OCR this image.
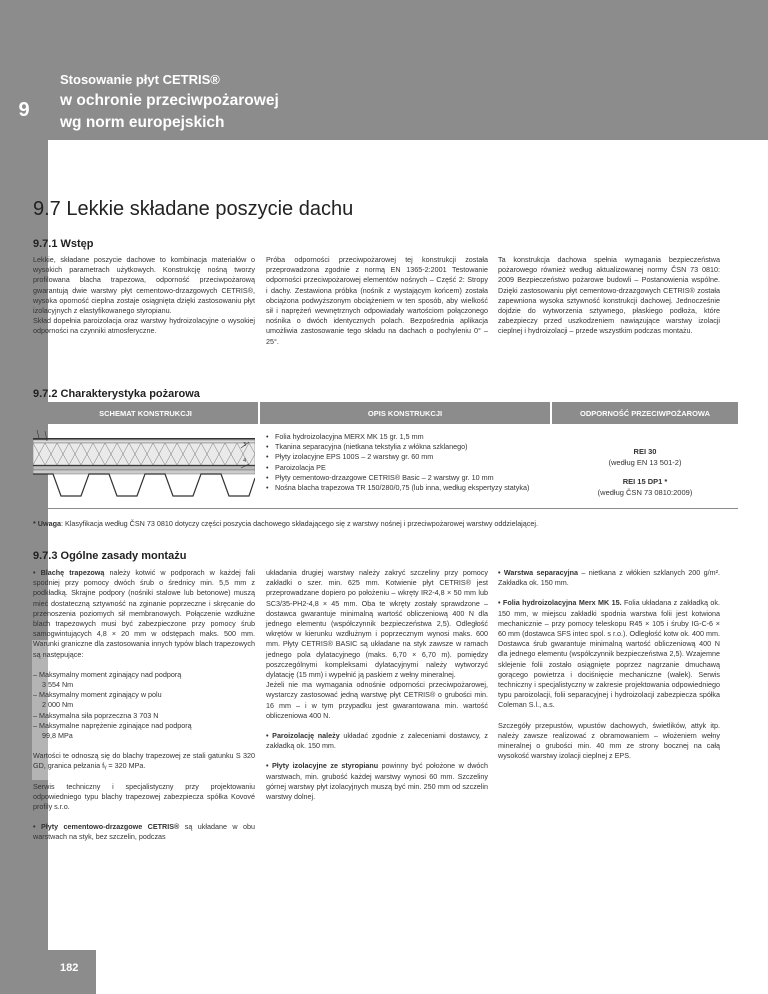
9
182
Stosowanie płyt CETRIS®
w ochronie przeciwpożarowej
wg norm europejskich
9.7 Lekkie składane poszycie dachu
9.7.1 Wstęp

Lekkie, składane poszycie dachowe to kombinacja materiałów o wysokich parametrach użytkowych. Konstrukcję nośną tworzy profilowana blacha trapezowa, odporność przeciwpożarową gwarantują dwie warstwy płyt cementowo-drzazgowych CETRIS®, wysoka oporność cieplna zostaje osiągnięta dzięki zastosowaniu płyt izolacyjnych z elastyfikowanego styropianu.

Skład dopełnia paroizolacja oraz warstwy hydroizolacyjne o wysokiej odporności na czynniki atmosferyczne.

Próba odporności przeciwpożarowej tej konstrukcji została przeprowadzona zgodnie z normą EN 1365-2:2001 Testowanie odporności przeciwpożarowej elementów nośnych – Część 2: Stropy i dachy. Zestawiona próbka (nośnik z wystającym końcem) została obciążona podwyższonym obciążeniem w ten sposób, aby wielkość sił i naprężeń wewnętrznych odpowiadały wartościom połączonego nośnika o dwóch identycznych polach. Bezpośrednia aplikacja umożliwia zastosowanie tego składu na dachach o pochyleniu 0° – 25°.

Ta konstrukcja dachowa spełnia wymagania bezpieczeństwa pożarowego również według aktualizowanej normy ČSN 73 0810: 2009 Bezpieczeństwo pożarowe budowli – Postanowienia wspólne. Dzięki zastosowaniu płyt cementowo-drzazgowych CETRIS® została zapewniona wysoka sztywność konstrukcji dachowej. Jednocześnie dojdzie do wytworzenia sztywnego, płaskiego podłoża, które zabezpieczy przed uszkodzeniem nawiązujące warstwy izolacji cieplnej i hydroizolacji – przede wszystkim podczas montażu.

9.7.2 Charakterystyka pożarowa
SCHEMAT KONSTRUKCJI	OPIS KONSTRUKCJI	ODPORNOŚĆ PRZECIWPOŻAROWA
3
4
• Folia hydroizolacyjna MERX MK 15 gr. 1,5 mm
• Tkanina separacyjna (nietkana tekstylia z włókna szklanego)
• Płyty izolacyjne EPS 100S – 2 warstwy gr. 60 mm
• Paroizolacja PE
• Płyty cementowo-drzazgowe CETRIS® Basic – 2 warstwy gr. 10 mm
• Nośna blacha trapezowa TR 150/280/0,75 (lub inna, według ekspertyzy statyka)
REI 30
(według EN 13 501-2)
REI 15 DP1 *
(według ČSN 73 0810:2009)
* Uwaga: Klasyfikacja według ČSN 73 0810 dotyczy części poszycia dachowego składającego się z warstwy nośnej i przeciwpożarowej warstwy oddzielającej.
9.7.3 Ogólne zasady montażu

• Blachę trapezową należy kotwić w podporach w każdej fali spodniej przy pomocy dwóch śrub o średnicy min. 5,5 mm z podkładką. Skrajne podpory (nośniki stalowe lub betonowe) muszą mieć dostateczną sztywność na zginanie poprzeczne i skręcanie do przenoszenia poziomych sił membranowych. Połączenie wzdłużne blach trapezowych musi być zabezpieczone przy pomocy śrub samogwintujących 4,8 × 20 mm w odstępach maks. 500 mm. Warunki graniczne dla zastosowania innych typów blach trapezowych są następujące:

– Maksymalny moment zginający nad podporą

3 554 Nm

– Maksymalny moment zginający w polu

2 000 Nm

– Maksymalna siła poprzeczna 3 703 N

– Maksymalne naprężenie zginające nad podporą

99,8 MPa

Wartości te odnoszą się do blachy trapezowej ze stali gatunku S 320 GD, granica pełzania fᵧ = 320 MPa.

Serwis techniczny i specjalistyczny przy projektowaniu odpowiedniego typu blachy trapezowej zabezpiecza spółka Kovové profily s.r.o.

• Płyty cementowo-drzazgowe CETRIS® są układane w obu warstwach na styk, bez szczelin, podczas

układania drugiej warstwy należy zakryć szczeliny przy pomocy zakładki o szer. min. 625 mm. Kotwienie płyt CETRIS® jest przeprowadzane dopiero po położeniu – wkręty IR2-4,8 × 50 mm lub SC3/35-PH2-4,8 × 45 mm. Oba te wkręty zostały sprawdzone – dostawca gwarantuje minimalną wartość obliczeniową 400 N dla jednego elementu (współczynnik bezpieczeństwa 2,5). Odległość wkrętów w kierunku wzdłużnym i poprzecznym wynosi maks. 600 mm. Płyty CETRIS® BASIC są układane na styk zawsze w ramach jednego pola dylatacyjnego (maks. 6,70 × 6,70 m). pomiędzy poszczególnymi kompleksami dylatacyjnymi należy wytworzyć dylatację (15 mm) i wypełnić ją paskiem z wełny mineralnej.

Jeżeli nie ma wymagania odnośnie odporności przeciwpożarowej, wystarczy zastosować jedną warstwę płyt CETRIS® o grubości min. 16 mm – i w tym przypadku jest gwarantowana min. wartość obliczeniowa 400 N.

• Paroizolację należy układać zgodnie z zaleceniami dostawcy, z zakładką ok. 150 mm.

• Płyty izolacyjne ze styropianu powinny być położone w dwóch warstwach, min. grubość każdej warstwy wynosi 60 mm. Szczeliny górnej warstwy płyt izolacyjnych muszą być min. 250 mm od szczelin warstwy dolnej.

• Warstwa separacyjna – nietkana z włókien szklanych 200 g/m². Zakładka ok. 150 mm.

• Folia hydroizolacyjna Merx MK 15. Folia układana z zakładką ok. 150 mm, w miejscu zakładki spodnia warstwa folii jest kotwiona mechanicznie – przy pomocy teleskopu R45 × 105 i śruby IG-C-6 × 60 mm (dostawca SFS intec spol. s r.o.). Odległość kotw ok. 400 mm. Dostawca śrub gwarantuje minimalną wartość obliczeniową 400 N dla jednego elementu (współczynnik bezpieczeństwa 2,5). Wzajemne sklejenie folii zostało osiągnięte poprzez nagrzanie dmuchawą gorącego powietrza i dociśnięcie mechaniczne (wałek). Serwis techniczny i specjalistyczny w zakresie projektowania odpowiedniego typu paroizolacji, folii separacyjnej i hydroizolacji zabezpiecza spółka Coleman S.l., a.s.

Szczegóły przepustów, wpustów dachowych, świetlików, attyk itp. należy zawsze realizować z obramowaniem – włożeniem wełny mineralnej o grubości min. 40 mm ze strony bocznej na całą wysokość warstwy izolacji cieplnej z EPS.
